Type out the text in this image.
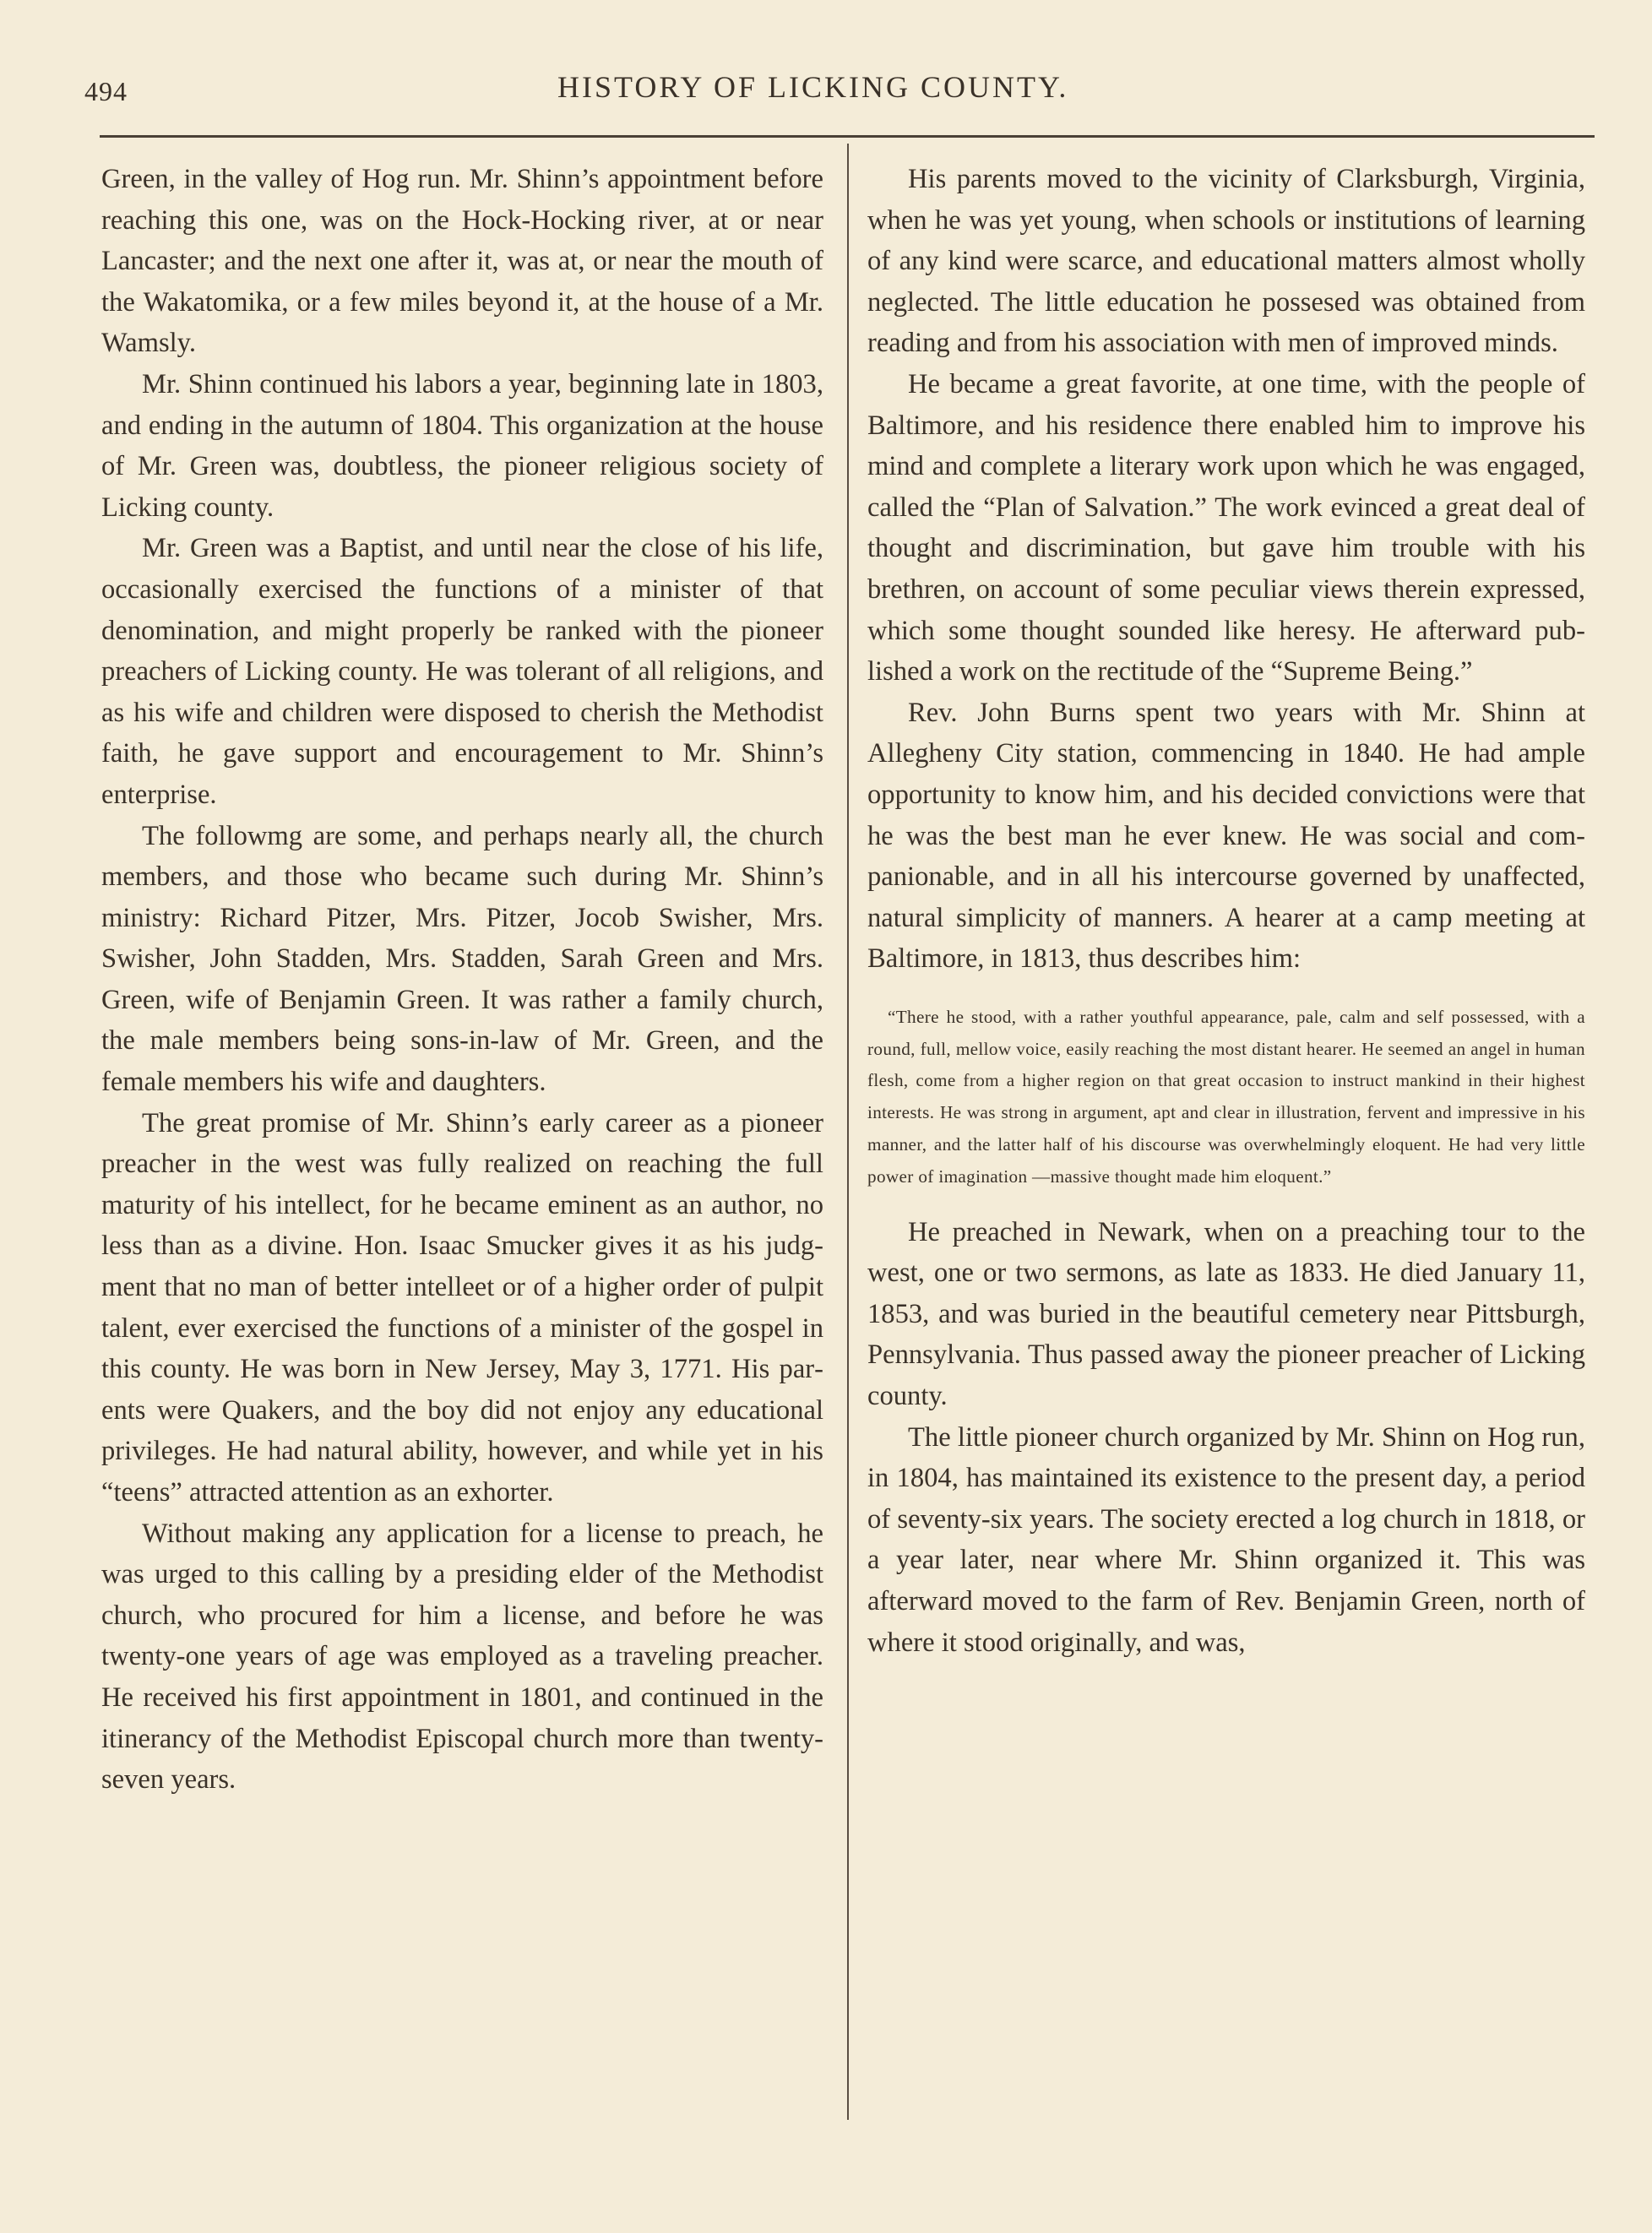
494	HISTORY OF LICKING COUNTY.

Green, in the valley of Hog run. Mr. Shinn’s appointment before reaching this one, was on the Hock-Hocking river, at or near Lancaster; and the next one after it, was at, or near the mouth of the Wakatomika, or a few miles beyond it, at the house of a Mr. Wamsly.

Mr. Shinn continued his labors a year, beginning late in 1803, and ending in the autumn of 1804. This organization at the house of Mr. Green was, doubtless, the pioneer religious society of Licking county.

Mr. Green was a Baptist, and until near the close of his life, occasionally exercised the functions of a minister of that denomination, and might properly be ranked with the pioneer preachers of Licking county. He was tolerant of all religions, and as his wife and children were disposed to cherish the Methodist faith, he gave support and encouragement to Mr. Shinn’s enterprise.

The followmg are some, and perhaps nearly all, the church members, and those who became such during Mr. Shinn’s ministry: Richard Pitzer, Mrs. Pitzer, Jocob Swisher, Mrs. Swisher, John Stadden, Mrs. Stadden, Sarah Green and Mrs. Green, wife of Benjamin Green. It was rather a family church, the male members being sons-in-law of Mr. Green, and the female members his wife and daughters.

The great promise of Mr. Shinn’s early career as a pioneer preacher in the west was fully realized on reaching the full maturity of his intellect, for he became eminent as an author, no less than as a divine. Hon. Isaac Smucker gives it as his judgment that no man of better intelleet or of a higher order of pulpit talent, ever exercised the functions of a minister of the gospel in this county. He was born in New Jersey, May 3, 1771. His parents were Quakers, and the boy did not enjoy any educational privileges. He had natural ability, however, and while yet in his “teens” attracted attention as an exhorter.

Without making any application for a license to preach, he was urged to this calling by a presiding elder of the Methodist church, who procured for him a license, and before he was twenty-one years of age was employed as a traveling preacher. He received his first appointment in 1801, and continued in the itinerancy of the Methodist Episcopal church more than twenty-seven years.

His parents moved to the vicinity of Clarksburgh, Virginia, when he was yet young, when schools or institutions of learning of any kind were scarce, and educational matters almost wholly neglected. The little education he possesed was obtained from reading and from his association with men of improved minds.

He became a great favorite, at one time, with the people of Baltimore, and his residence there enabled him to improve his mind and complete a literary work upon which he was engaged, called the “Plan of Salvation.” The work evinced a great deal of thought and discrimination, but gave him trouble with his brethren, on account of some peculiar views therein expressed, which some thought sounded like heresy. He afterward published a work on the rectitude of the “Supreme Being.”

Rev. John Burns spent two years with Mr. Shinn at Allegheny City station, commencing in 1840. He had ample opportunity to know him, and his decided convictions were that he was the best man he ever knew. He was social and companionable, and in all his intercourse governed by unaffected, natural simplicity of manners. A hearer at a camp meeting at Baltimore, in 1813, thus describes him:

“There he stood, with a rather youthful appearance, pale, calm and self possessed, with a round, full, mellow voice, easily reaching the most distant hearer. He seemed an angel in human flesh, come from a higher region on that great occasion to instruct mankind in their highest interests. He was strong in argument, apt and clear in illustration, fervent and impressive in his manner, and the latter half of his discourse was overwhelmingly eloquent. He had very little power of imagination —massive thought made him eloquent.”

He preached in Newark, when on a preaching tour to the west, one or two sermons, as late as 1833. He died January 11, 1853, and was buried in the beautiful cemetery near Pittsburgh, Pennsylvania. Thus passed away the pioneer preacher of Licking county.

The little pioneer church organized by Mr. Shinn on Hog run, in 1804, has maintained its existence to the present day, a period of seventy-six years. The society erected a log church in 1818, or a year later, near where Mr. Shinn organized it. This was afterward moved to the farm of Rev. Benjamin Green, north of where it stood originally, and was,
